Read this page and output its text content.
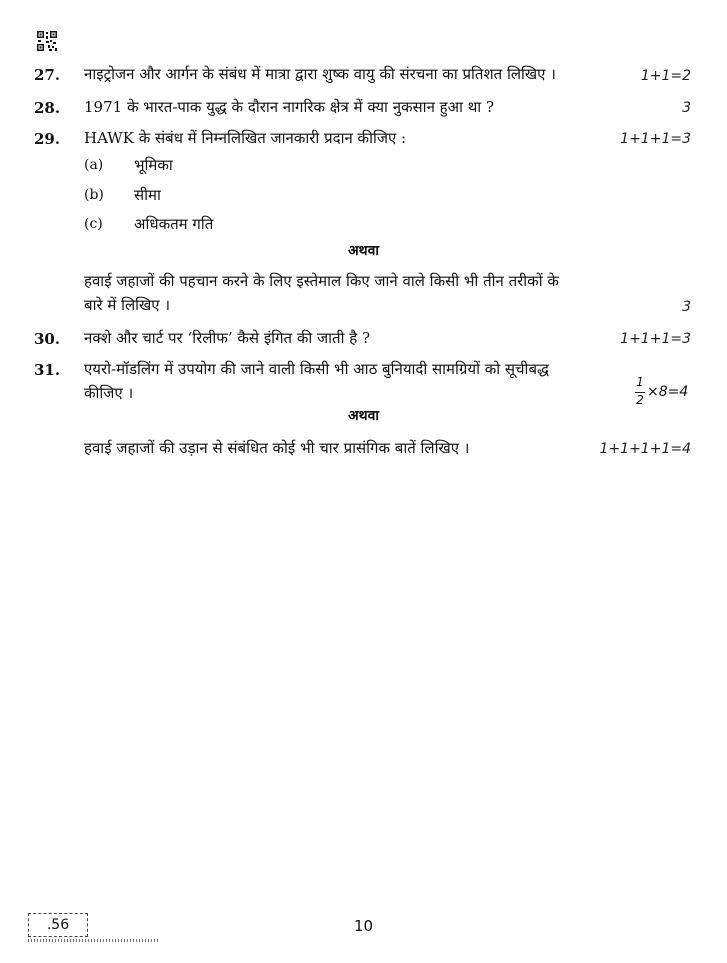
27. नाइट्रोजन और आर्गन के संबंध में मात्रा द्वारा शुष्क वायु की संरचना का प्रतिशत लिखिए ।	1+1=2
28. 1971 के भारत-पाक युद्ध के दौरान नागरिक क्षेत्र में क्या नुकसान हुआ था ?	3
29. HAWK के संबंध में निम्नलिखित जानकारी प्रदान कीजिए :	1+1+1=3
(a) भूमिका
(b) सीमा
(c) अधिकतम गति
अथवा
हवाई जहाजों की पहचान करने के लिए इस्तेमाल किए जाने वाले किसी भी तीन तरीकों के
बारे में लिखिए ।	3
30. नक्शे और चार्ट पर ‘रिलीफ’ कैसे इंगित की जाती है ?	1+1+1=3
31. एयरो-मॉडलिंग में उपयोग की जाने वाली किसी भी आठ बुनियादी सामग्रियों को सूचीबद्ध
कीजिए ।
1
2 ×8=4
अथवा
हवाई जहाजों की उड़ान से संबंधित कोई भी चार प्रासंगिक बातें लिखिए ।	1+1+1+1=4
.56	10
